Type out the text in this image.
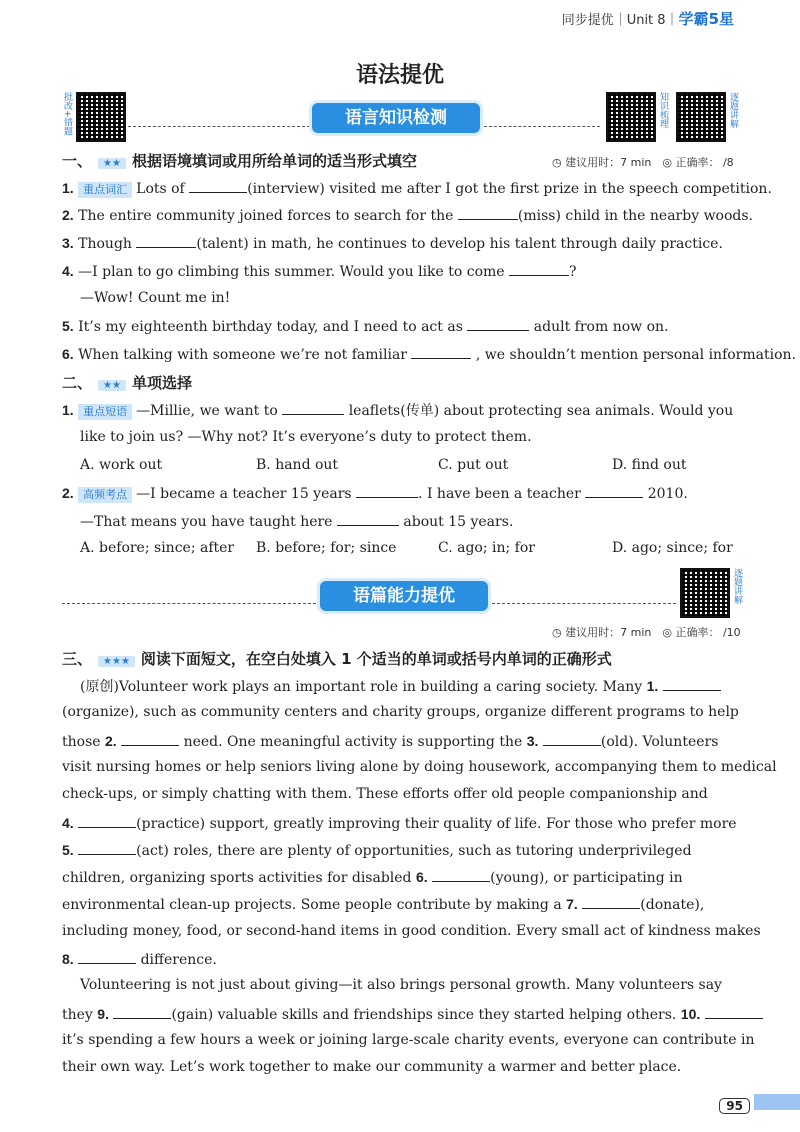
同步提优｜Unit 8｜学霸5星
语法提优
批改+错题	语言知识检测	知识梳理	逐题讲解
一、 ★★ 根据语境填词或用所给单词的适当形式填空	◷ 建议用时：7 min　◎ 正确率： /8
1. 重点词汇 Lots of	(interview) visited me after I got the first prize in the speech competition.
2. The entire community joined forces to search for the	(miss) child in the nearby woods.
3. Though	(talent) in math, he continues to develop his talent through daily practice.
4. —I plan to go climbing this summer. Would you like to come	?
—Wow! Count me in!
5. It’s my eighteenth birthday today, and I need to act as	adult from now on.
6. When talking with someone we’re not familiar	, we shouldn’t mention personal information.
二、 ★★ 单项选择
1. 重点短语 —Millie, we want to	leaflets(传单) about protecting sea animals. Would you
like to join us? —Why not? It’s everyone’s duty to protect them.
A. work out	B. hand out	C. put out	D. find out
2. 高频考点 —I became a teacher 15 years	. I have been a teacher	2010.
—That means you have taught here	about 15 years.
A. before; since; after B. before; for; since	C. ago; in; for	D. ago; since; for
语篇能力提优	逐题讲解
◷ 建议用时：7 min　◎ 正确率： /10
三、 ★★★ 阅读下面短文，在空白处填入 1 个适当的单词或括号内单词的正确形式
(原创)Volunteer work plays an important role in building a caring society. Many 1.
(organize), such as community centers and charity groups, organize different programs to help
those 2.	need. One meaningful activity is supporting the 3.	(old). Volunteers
visit nursing homes or help seniors living alone by doing housework, accompanying them to medical
check-ups, or simply chatting with them. These efforts offer old people companionship and
4.	(practice) support, greatly improving their quality of life. For those who prefer more
5.	(act) roles, there are plenty of opportunities, such as tutoring underprivileged
children, organizing sports activities for disabled 6.	(young), or participating in
environmental clean-up projects. Some people contribute by making a 7.	(donate),
including money, food, or second-hand items in good condition. Every small act of kindness makes
8.	difference.
Volunteering is not just about giving—it also brings personal growth. Many volunteers say
they 9.	(gain) valuable skills and friendships since they started helping others. 10.
it’s spending a few hours a week or joining large-scale charity events, everyone can contribute in
their own way. Let’s work together to make our community a warmer and better place.
95
